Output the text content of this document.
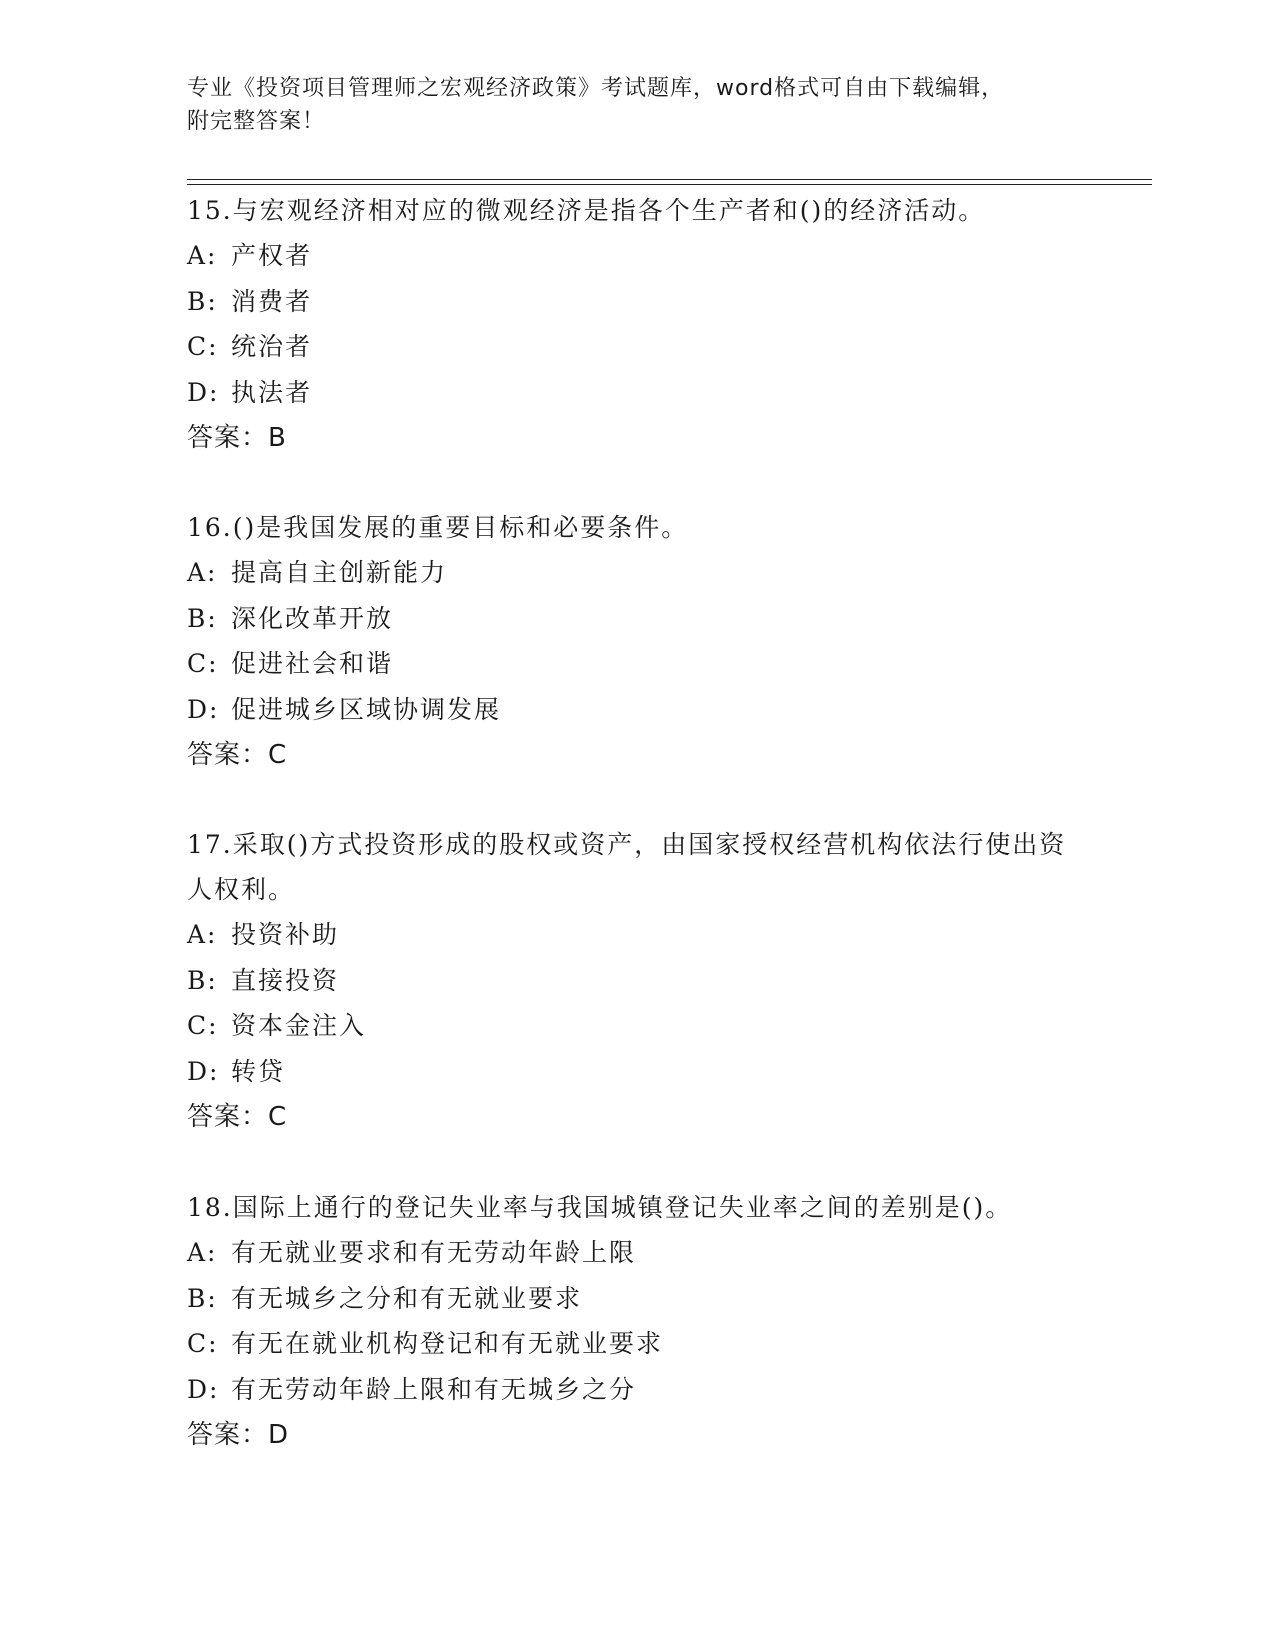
专业《投资项目管理师之宏观经济政策》考试题库，word格式可自由下载编辑，
附完整答案！

15.与宏观经济相对应的微观经济是指各个生产者和()的经济活动。

A: 产权者
B: 消费者
C: 统治者
D: 执法者
答案：B

16.()是我国发展的重要目标和必要条件。

A: 提高自主创新能力
B: 深化改革开放
C: 促进社会和谐
D: 促进城乡区域协调发展
答案：C

17.采取()方式投资形成的股权或资产，由国家授权经营机构依法行使出资人权利。

A: 投资补助
B: 直接投资
C: 资本金注入
D: 转贷
答案：C

18.国际上通行的登记失业率与我国城镇登记失业率之间的差别是()。

A: 有无就业要求和有无劳动年龄上限
B: 有无城乡之分和有无就业要求
C: 有无在就业机构登记和有无就业要求
D: 有无劳动年龄上限和有无城乡之分
答案：D
